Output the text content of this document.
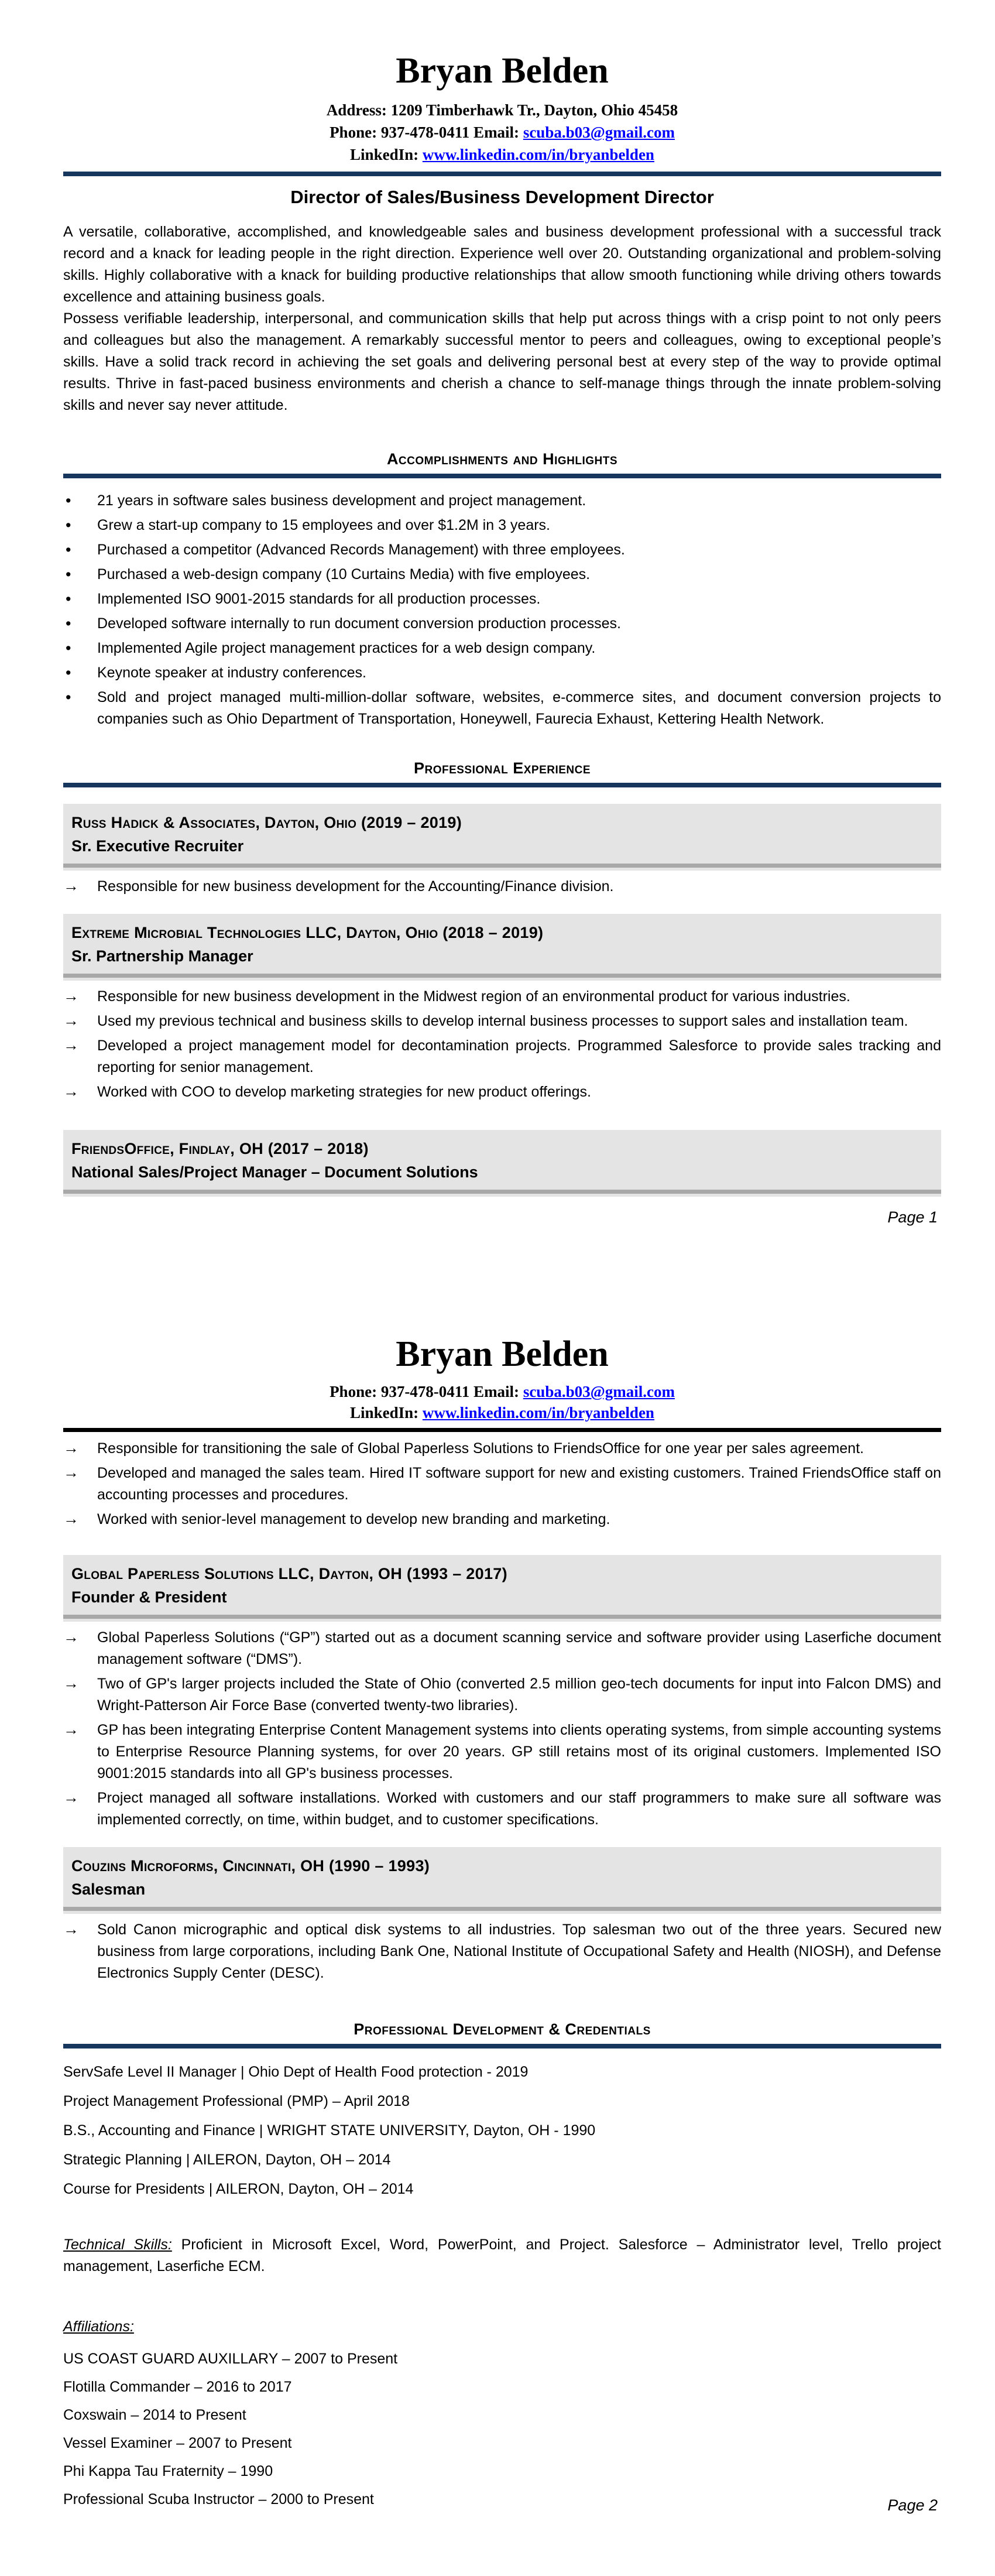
Bryan Belden

Address: 1209 Timberhawk Tr., Dayton, Ohio 45458

Phone: 937-478-0411 Email: scuba.b03@gmail.com

LinkedIn: www.linkedin.com/in/bryanbelden

Director of Sales/Business Development Director

A versatile, collaborative, accomplished, and knowledgeable sales and business development professional with a successful track record and a knack for leading people in the right direction. Experience well over 20. Outstanding organizational and problem-solving skills. Highly collaborative with a knack for building productive relationships that allow smooth functioning while driving others towards excellence and attaining business goals.

Possess verifiable leadership, interpersonal, and communication skills that help put across things with a crisp point to not only peers and colleagues but also the management. A remarkably successful mentor to peers and colleagues, owing to exceptional people’s skills. Have a solid track record in achieving the set goals and delivering personal best at every step of the way to provide optimal results. Thrive in fast-paced business environments and cherish a chance to self-manage things through the innate problem-solving skills and never say never attitude.

Accomplishments and Highlights
• 21 years in software sales business development and project management.
• Grew a start-up company to 15 employees and over $1.2M in 3 years.
• Purchased a competitor (Advanced Records Management) with three employees.
• Purchased a web-design company (10 Curtains Media) with five employees.
• Implemented ISO 9001-2015 standards for all production processes.
• Developed software internally to run document conversion production processes.
• Implemented Agile project management practices for a web design company.
• Keynote speaker at industry conferences.
• Sold and project managed multi-million-dollar software, websites, e-commerce sites, and document conversion projects to companies such as Ohio Department of Transportation, Honeywell, Faurecia Exhaust, Kettering Health Network.
Professional Experience
Russ Hadick & Associates, Dayton, Ohio (2019 – 2019)
Sr. Executive Recruiter
→ Responsible for new business development for the Accounting/Finance division.
Extreme Microbial Technologies LLC, Dayton, Ohio (2018 – 2019)
Sr. Partnership Manager
→ Responsible for new business development in the Midwest region of an environmental product for various industries.
→ Used my previous technical and business skills to develop internal business processes to support sales and installation team.
→ Developed a project management model for decontamination projects. Programmed Salesforce to provide sales tracking and reporting for senior management.
→ Worked with COO to develop marketing strategies for new product offerings.
FriendsOffice, Findlay, OH (2017 – 2018)
National Sales/Project Manager – Document Solutions
Page 1
Bryan Belden

Phone: 937-478-0411 Email: scuba.b03@gmail.com

LinkedIn: www.linkedin.com/in/bryanbelden

→ Responsible for transitioning the sale of Global Paperless Solutions to FriendsOffice for one year per sales agreement.
→ Developed and managed the sales team. Hired IT software support for new and existing customers. Trained FriendsOffice staff on accounting processes and procedures.
→ Worked with senior-level management to develop new branding and marketing.
Global Paperless Solutions LLC, Dayton, OH (1993 – 2017)
Founder & President
→ Global Paperless Solutions (“GP”) started out as a document scanning service and software provider using Laserfiche document management software (“DMS”).
→ Two of GP's larger projects included the State of Ohio (converted 2.5 million geo-tech documents for input into Falcon DMS) and Wright-Patterson Air Force Base (converted twenty-two libraries).
→ GP has been integrating Enterprise Content Management systems into clients operating systems, from simple accounting systems to Enterprise Resource Planning systems, for over 20 years. GP still retains most of its original customers. Implemented ISO 9001:2015 standards into all GP's business processes.
→ Project managed all software installations. Worked with customers and our staff programmers to make sure all software was implemented correctly, on time, within budget, and to customer specifications.
Couzins Microforms, Cincinnati, OH (1990 – 1993)
Salesman
→ Sold Canon micrographic and optical disk systems to all industries. Top salesman two out of the three years. Secured new business from large corporations, including Bank One, National Institute of Occupational Safety and Health (NIOSH), and Defense Electronics Supply Center (DESC).
Professional Development & Credentials

ServSafe Level II Manager | Ohio Dept of Health Food protection - 2019

Project Management Professional (PMP) – April 2018

B.S., Accounting and Finance | WRIGHT STATE UNIVERSITY, Dayton, OH - 1990

Strategic Planning | AILERON, Dayton, OH – 2014

Course for Presidents | AILERON, Dayton, OH – 2014

Technical Skills: Proficient in Microsoft Excel, Word, PowerPoint, and Project. Salesforce – Administrator level, Trello project management, Laserfiche ECM.

Affiliations:

US COAST GUARD AUXILLARY – 2007 to Present

Flotilla Commander – 2016 to 2017

Coxswain – 2014 to Present

Vessel Examiner – 2007 to Present

Phi Kappa Tau Fraternity – 1990

Professional Scuba Instructor – 2000 to Present	Page 2
